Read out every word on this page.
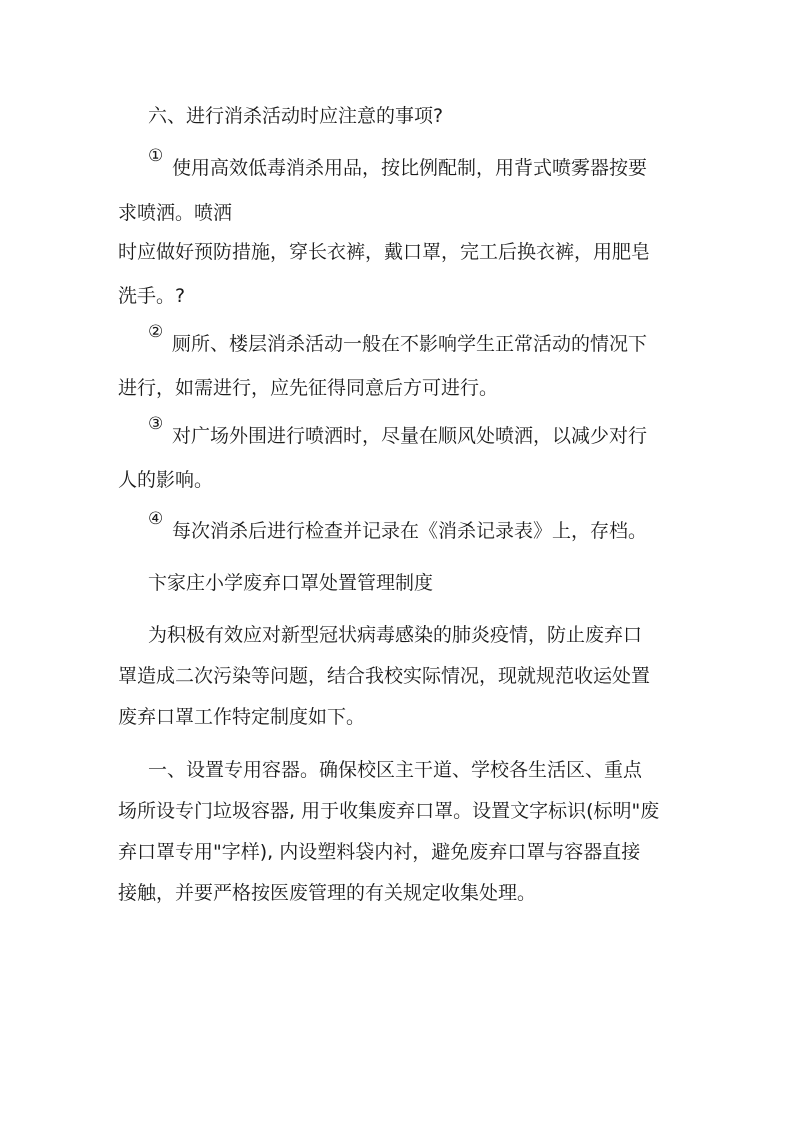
六、进行消杀活动时应注意的事项?
①
使用高效低毒消杀用品，按比例配制，用背式喷雾器按要
求喷洒。喷洒
时应做好预防措施，穿长衣裤，戴口罩，完工后换衣裤，用肥皂
洗手。?
②
厕所、楼层消杀活动一般在不影响学生正常活动的情况下
进行，如需进行，应先征得同意后方可进行。
③
对广场外围进行喷洒时，尽量在顺风处喷洒，以减少对行
人的影响。
④
每次消杀后进行检查并记录在《消杀记录表》上，存档。
卞家庄小学废弃口罩处置管理制度
为积极有效应对新型冠状病毒感染的肺炎疫情，防止废弃口
罩造成二次污染等问题，结合我校实际情况，现就规范收运处置
废弃口罩工作特定制度如下。
一、设置专用容器。确保校区主干道、学校各生活区、重点
场所设专门垃圾容器, 用于收集废弃口罩。设置文字标识(标明"废
弃口罩专用"字样), 内设塑料袋内衬，避免废弃口罩与容器直接
接触，并要严格按医废管理的有关规定收集处理。
